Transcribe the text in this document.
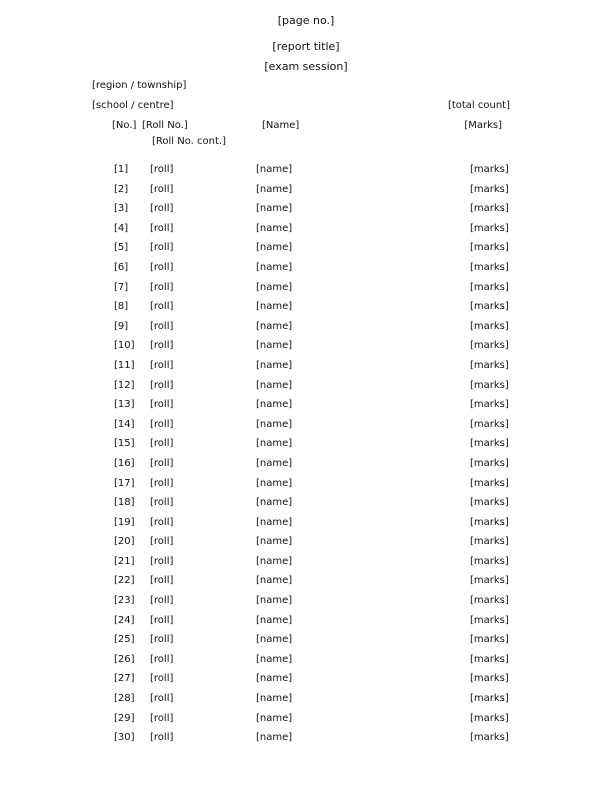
[page no.]
[report title]
[exam session]
[region / township]
[school / centre]	[total count]
[No.] [Roll No.]
[Roll No. cont.]
[Name]	[Marks]
[1] [roll]	[name]	[marks]
[2] [roll]	[name]	[marks]
[3] [roll]	[name]	[marks]
[4] [roll]	[name]	[marks]
[5] [roll]	[name]	[marks]
[6] [roll]	[name]	[marks]
[7] [roll]	[name]	[marks]
[8] [roll]	[name]	[marks]
[9] [roll]	[name]	[marks]
[10] [roll]	[name]	[marks]
[11] [roll]	[name]	[marks]
[12] [roll]	[name]	[marks]
[13] [roll]	[name]	[marks]
[14] [roll]	[name]	[marks]
[15] [roll]	[name]	[marks]
[16] [roll]	[name]	[marks]
[17] [roll]	[name]	[marks]
[18] [roll]	[name]	[marks]
[19] [roll]	[name]	[marks]
[20] [roll]	[name]	[marks]
[21] [roll]	[name]	[marks]
[22] [roll]	[name]	[marks]
[23] [roll]	[name]	[marks]
[24] [roll]	[name]	[marks]
[25] [roll]	[name]	[marks]
[26] [roll]	[name]	[marks]
[27] [roll]	[name]	[marks]
[28] [roll]	[name]	[marks]
[29] [roll]	[name]	[marks]
[30] [roll]	[name]	[marks]
